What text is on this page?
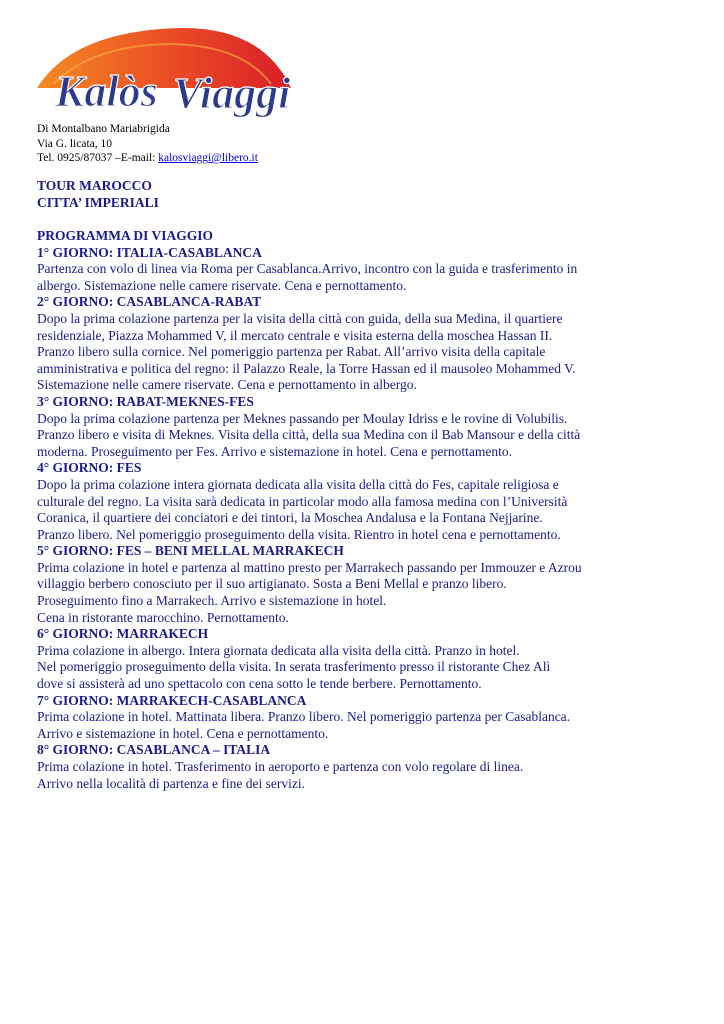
Kalòs Viaggi
Di Montalbano Mariabrigida
Via G. licata, 10
Tel. 0925/87037 –E-mail: kalosviaggi@libero.it
TOUR MAROCCO
CITTA’ IMPERIALI
PROGRAMMA DI VIAGGIO
1° GIORNO: ITALIA-CASABLANCA

Partenza con volo di linea via Roma per Casablanca.Arrivo, incontro con la guida e trasferimento in
albergo. Sistemazione nelle camere riservate. Cena e pernottamento.

2° GIORNO: CASABLANCA-RABAT

Dopo la prima colazione partenza per la visita della città con guida, della sua Medina, il quartiere
residenziale, Piazza Mohammed V, il mercato centrale e visita esterna della moschea Hassan II.
Pranzo libero sulla cornice. Nel pomeriggio partenza per Rabat. All’arrivo visita della capitale
amministrativa e politica del regno: il Palazzo Reale, la Torre Hassan ed il mausoleo Mohammed V.
Sistemazione nelle camere riservate. Cena e pernottamento in albergo.

3° GIORNO: RABAT-MEKNES-FES

Dopo la prima colazione partenza per Meknes passando per Moulay Idriss e le rovine di Volubilis.
Pranzo libero e visita di Meknes. Visita della città, della sua Medina con il Bab Mansour e della città
moderna. Proseguimento per Fes. Arrivo e sistemazione in hotel. Cena e pernottamento.

4° GIORNO: FES

Dopo la prima colazione intera giornata dedicata alla visita della città do Fes, capitale religiosa e
culturale del regno. La visita sarà dedicata in particolar modo alla famosa medina con l’Università
Coranica, il quartiere dei conciatori e dei tintori, la Moschea Andalusa e la Fontana Nejjarine.
Pranzo libero. Nel pomeriggio proseguimento della visita. Rientro in hotel cena e pernottamento.

5° GIORNO: FES – BENI MELLAL MARRAKECH

Prima colazione in hotel e partenza al mattino presto per Marrakech passando per Immouzer e Azrou
villaggio berbero conosciuto per il suo artigianato. Sosta a Beni Mellal e pranzo libero.
Proseguimento fino a Marrakech. Arrivo e sistemazione in hotel.
Cena in ristorante marocchino. Pernottamento.

6° GIORNO: MARRAKECH

Prima colazione in albergo. Intera giornata dedicata alla visita della città. Pranzo in hotel.
Nel pomeriggio proseguimento della visita. In serata trasferimento presso il ristorante Chez Alì
dove si assisterà ad uno spettacolo con cena sotto le tende berbere. Pernottamento.

7° GIORNO: MARRAKECH-CASABLANCA

Prima colazione in hotel. Mattinata libera. Pranzo libero. Nel pomeriggio partenza per Casablanca.
Arrivo e sistemazione in hotel. Cena e pernottamento.

8° GIORNO: CASABLANCA – ITALIA

Prima colazione in hotel. Trasferimento in aeroporto e partenza con volo regolare di linea.
Arrivo nella località di partenza e fine dei servizi.
